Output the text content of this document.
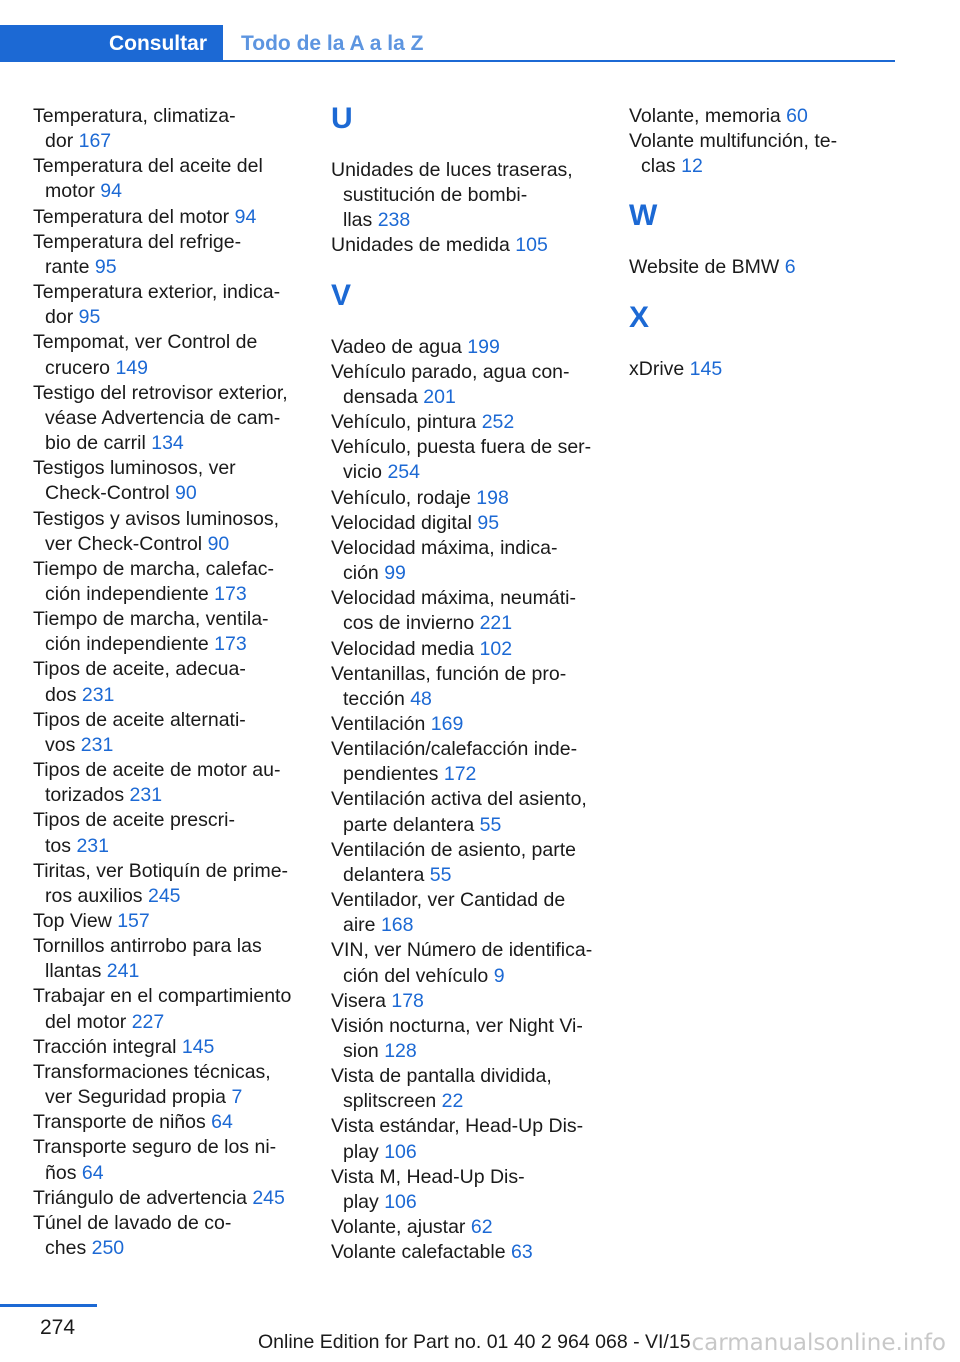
Consultar	Todo de la A a la Z
Temperatura, climatiza-
dor 167
Temperatura del aceite del
motor 94
Temperatura del motor 94
Temperatura del refrige-
rante 95
Temperatura exterior, indica-
dor 95
Tempomat, ver Control de
crucero 149
Testigo del retrovisor exterior,
véase Advertencia de cam-
bio de carril 134
Testigos luminosos, ver
Check-Control 90
Testigos y avisos luminosos,
ver Check-Control 90
Tiempo de marcha, calefac-
ción independiente 173
Tiempo de marcha, ventila-
ción independiente 173
Tipos de aceite, adecua-
dos 231
Tipos de aceite alternati-
vos 231
Tipos de aceite de motor au-
torizados 231
Tipos de aceite prescri-
tos 231
Tiritas, ver Botiquín de prime-
ros auxilios 245
Top View 157
Tornillos antirrobo para las
llantas 241
Trabajar en el compartimiento
del motor 227
Tracción integral 145
Transformaciones técnicas,
ver Seguridad propia 7
Transporte de niños 64
Transporte seguro de los ni-
ños 64
Triángulo de advertencia 245
Túnel de lavado de co-
ches 250
U
Unidades de luces traseras,
sustitución de bombi-
llas 238
Unidades de medida 105
V
Vadeo de agua 199
Vehículo parado, agua con-
densada 201
Vehículo, pintura 252
Vehículo, puesta fuera de ser-
vicio 254
Vehículo, rodaje 198
Velocidad digital 95
Velocidad máxima, indica-
ción 99
Velocidad máxima, neumáti-
cos de invierno 221
Velocidad media 102
Ventanillas, función de pro-
tección 48
Ventilación 169
Ventilación/calefacción inde-
pendientes 172
Ventilación activa del asiento,
parte delantera 55
Ventilación de asiento, parte
delantera 55
Ventilador, ver Cantidad de
aire 168
VIN, ver Número de identifica-
ción del vehículo 9
Visera 178
Visión nocturna, ver Night Vi-
sion 128
Vista de pantalla dividida,
splitscreen 22
Vista estándar, Head-Up Dis-
play 106
Vista M, Head-Up Dis-
play 106
Volante, ajustar 62
Volante calefactable 63
Volante, memoria 60
Volante multifunción, te-
clas 12
W
Website de BMW 6
X
xDrive 145
274
Online Edition for Part no. 01 40 2 964 068 - VI/15 carmanualsonline.info
